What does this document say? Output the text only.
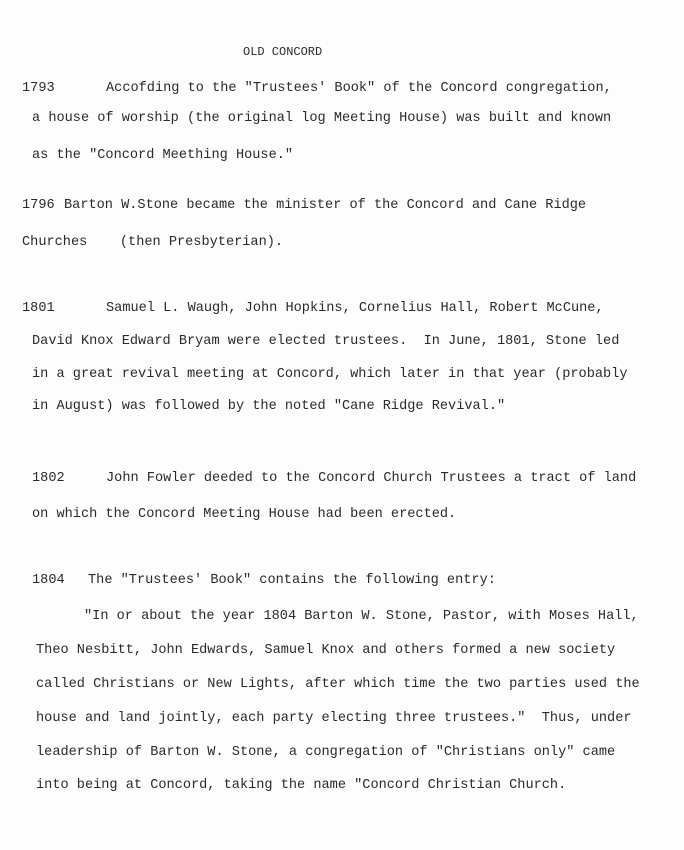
OLD CONCORD
1793	Accofding to the "Trustees' Book" of the Concord congregation,
a house of worship (the original log Meeting House) was built and known
as the "Concord Meething House."
1796 Barton W.Stone became the minister of the Concord and Cane Ridge
Churches    (then Presbyterian).
1801	Samuel L. Waugh, John Hopkins, Cornelius Hall, Robert McCune,
David Knox Edward Bryam were elected trustees.  In June, 1801, Stone led
in a great revival meeting at Concord, which later in that year (probably
in August) was followed by the noted "Cane Ridge Revival."
1802	John Fowler deeded to the Concord Church Trustees a tract of land
on which the Concord Meeting House had been erected.
1804 The "Trustees' Book" contains the following entry:
"In or about the year 1804 Barton W. Stone, Pastor, with Moses Hall,
Theo Nesbitt, John Edwards, Samuel Knox and others formed a new society
called Christians or New Lights, after which time the two parties used the
house and land jointly, each party electing three trustees."  Thus, under
leadership of Barton W. Stone, a congregation of "Christians only" came
into being at Concord, taking the name "Concord Christian Church.
